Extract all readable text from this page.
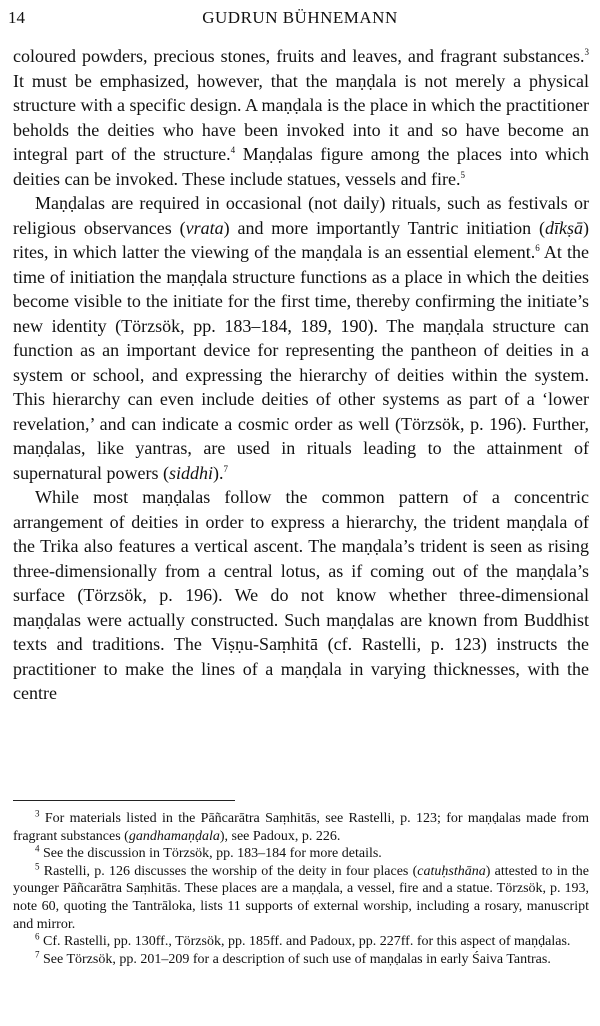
14	GUDRUN BÜHNEMANN

coloured powders, precious stones, fruits and leaves, and fragrant substances.$^3$ It must be emphasized, however, that the maṇḍala is not merely a physical structure with a specific design. A maṇḍala is the place in which the practitioner beholds the deities who have been invoked into it and so have become an integral part of the structure.$^4$ Maṇḍalas figure among the places into which deities can be invoked. These include statues, vessels and fire.$^5$

Maṇḍalas are required in occasional (not daily) rituals, such as festivals or religious observances (vrata) and more importantly Tantric initiation (dīkṣā) rites, in which latter the viewing of the maṇḍala is an essential element.$^6$ At the time of initiation the maṇḍala structure functions as a place in which the deities become visible to the initiate for the first time, thereby confirming the initiate’s new identity (Törzsök, pp. 183–184, 189, 190). The maṇḍala structure can function as an important device for representing the pantheon of deities in a system or school, and expressing the hierarchy of deities within the system. This hierarchy can even include deities of other systems as part of a ‘lower revelation,’ and can indicate a cosmic order as well (Törzsök, p. 196). Further, maṇḍalas, like yantras, are used in rituals leading to the attainment of supernatural powers (siddhi).$^7$

While most maṇḍalas follow the common pattern of a concentric arrangement of deities in order to express a hierarchy, the trident maṇḍala of the Trika also features a vertical ascent. The maṇḍala’s trident is seen as rising three-dimensionally from a central lotus, as if coming out of the maṇḍala’s surface (Törzsök, p. 196). We do not know whether three-dimensional maṇḍalas were actually constructed. Such maṇḍalas are known from Buddhist texts and traditions. The Viṣṇu-Saṃhitā (cf. Rastelli, p. 123) instructs the practitioner to make the lines of a maṇḍala in varying thicknesses, with the centre

$^3$ For materials listed in the Pāñcarātra Saṃhitās, see Rastelli, p. 123; for maṇḍalas made from fragrant substances (gandhamaṇḍala), see Padoux, p. 226.

$^4$ See the discussion in Törzsök, pp. 183–184 for more details.

$^5$ Rastelli, p. 126 discusses the worship of the deity in four places (catuḥsthāna) attested to in the younger Pāñcarātra Saṃhitās. These places are a maṇḍala, a vessel, fire and a statue. Törzsök, p. 193, note 60, quoting the Tantrāloka, lists 11 supports of external worship, including a rosary, manuscript and mirror.

$^6$ Cf. Rastelli, pp. 130ff., Törzsök, pp. 185ff. and Padoux, pp. 227ff. for this aspect of maṇḍalas.

$^7$ See Törzsök, pp. 201–209 for a description of such use of maṇḍalas in early Śaiva Tantras.
